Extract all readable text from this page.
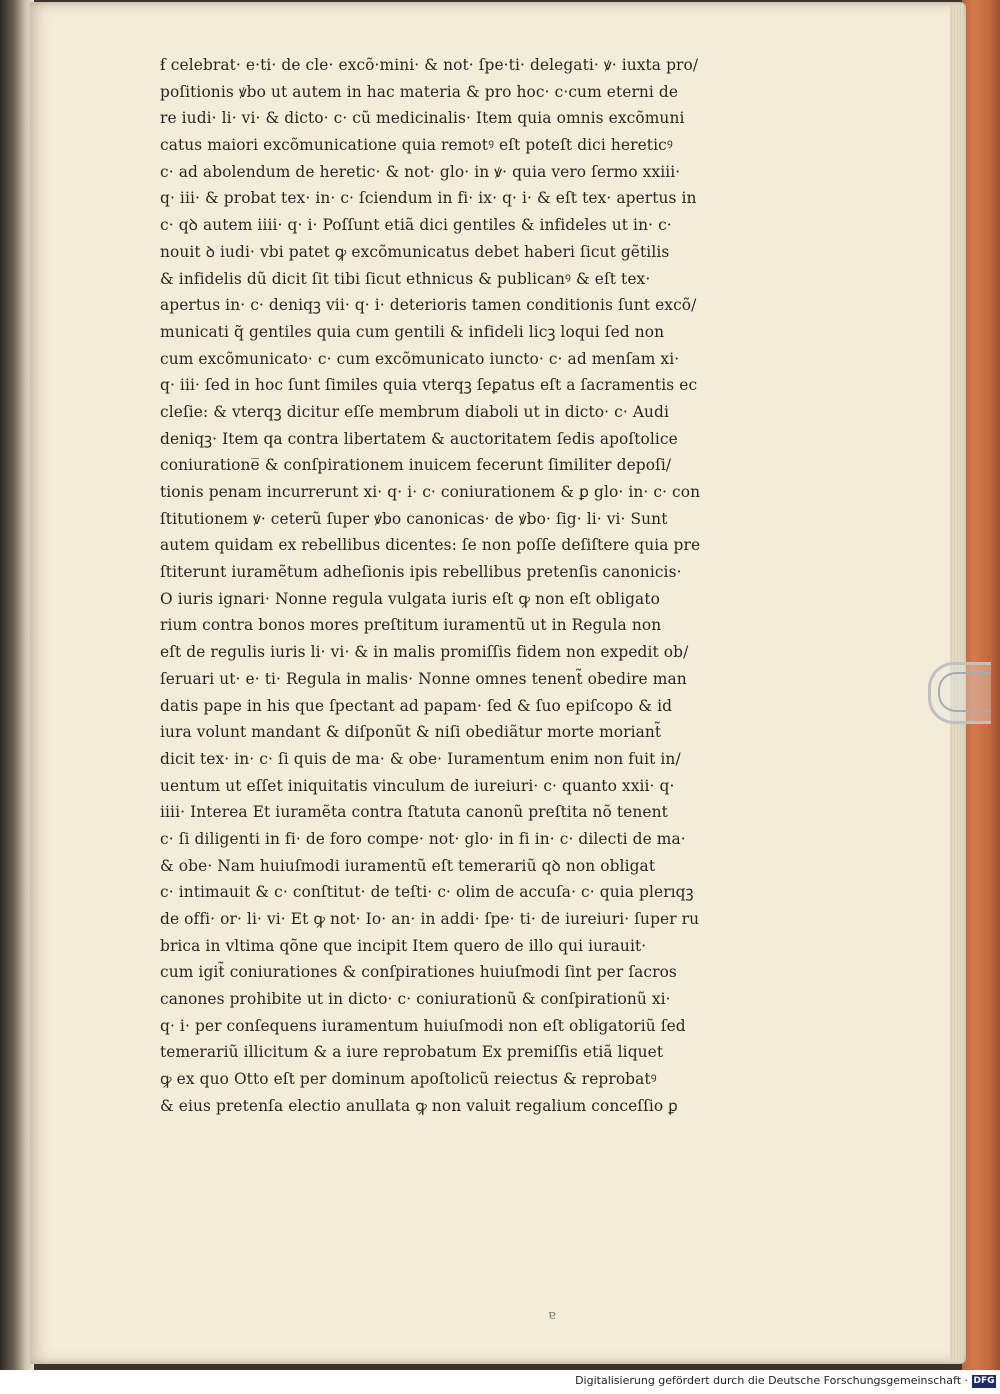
ẜ celebrat· e·ti· de cle· excõ·mini· & not· ſpe·ti· delegati· ꝟ· iuxta pro/
poſitionis ꝟbo ut autem in hac materia & pro hoc· c·cum eterni de
re iudi· li· vi· & dicto· c· cũ medicinalis· Item quia omnis excõmuni
catus maiori excõmunicatione quia remotꝰ eſt poteſt dici hereticꝰ
c· ad abolendum de heretic· & not· glo· in ꝟ· quia vero ſermo xxiii·
q· iii· & probat tex· in· c· ſciendum in fi· ix· q· i· & eſt tex· apertus in
c· qꝺ autem iiii· q· i· Poſſunt etiã dici gentiles & infideles ut in· c·
nouit ꝺ iudi· vbi patet ꝙ excõmunicatus debet haberi ſicut gẽtilis
& infidelis dũ dicit ſit tibi ſicut ethnicus & publicanꝰ & eſt tex·
apertus in· c· deniqꝫ vii· q· i· deterioris tamen conditionis ſunt excõ/
municati q̃ gentiles quia cum gentili & infideli licꝫ loqui ſed non
cum excõmunicato· c· cum excõmunicato iuncto· c· ad menſam xi·
q· iii· ſed in hoc ſunt ſimiles quia vterqꝫ ſeꝑatus eſt a ſacramentis ec
cleſie: & vterqꝫ dicitur eſſe membrum diaboli ut in dicto· c· Audi
deniqꝫ· Item qa contra libertatem & auctoritatem ſedis apoſtolice
coniuratione̅ & conſpirationem inuicem fecerunt ſimiliter depoſi/
tionis penam incurrerunt xi· q· i· c· coniurationem & ꝑ glo· in· c· con
ſtitutionem ꝟ· ceterũ ſuper ꝟbo canonicas· de ꝟbo· ſig· li· vi· Sunt
autem quidam ex rebellibus dicentes: ſe non poſſe deſiſtere quia pre
ſtiterunt iuramẽtum adheſionis ipis rebellibus pretenſis canonicis·
O iuris ignari· Nonne regula vulgata iuris eſt ꝙ non eſt obligato
rium contra bonos mores preſtitum iuramentũ ut in Regula non
eſt de regulis iuris li· vi· & in malis promiſſis fidem non expedit ob/
ſeruari ut· e· ti· Regula in malis· Nonne omnes tenent̃ obedire man
datis pape in his que ſpectant ad papam· ſed & ſuo epiſcopo & id
iura volunt mandant & diſponũt & niſi obediãtur morte moriant̃
dicit tex· in· c· ſi quis de ma· & obe· Iuramentum enim non fuit in/
uentum ut eſſet iniquitatis vinculum de iureiuri· c· quanto xxii· q·
iiii· Interea Et iuramẽta contra ſtatuta canonũ preſtita nõ tenent
c· ſi diligenti in fi· de foro compe· not· glo· in fi in· c· dilecti de ma·
& obe· Nam huiuſmodi iuramentũ eſt temerariũ qꝺ non obligat
c· intimauit & c· conſtitut· de teſti· c· olim de accuſa· c· quia plerıqꝫ
de offi· or· li· vi· Et ꝙ not· Io· an· in addi· ſpe· ti· de iureiuri· ſuper ru
brica in vltima qõne que incipit Item quero de illo qui iurauit·
cum igit̃ coniurationes & conſpirationes huiuſmodi ſint per ſacros
canones prohibite ut in dicto· c· coniurationũ & conſpirationũ xi·
q· i· per conſequens iuramentum huiuſmodi non eſt obligatoriũ ſed
temerariũ illicitum & a iure reprobatum Ex premiſſis etiã liquet
ꝙ ex quo Otto eſt per dominum apoſtolicũ reiectus & reprobatꝰ
& eius pretenſa electio anullata ꝙ non valuit regalium conceſſio ꝑ
ɐ
Digitalisierung gefördert durch die Deutsche Forschungsgemeinschaft · DFG
